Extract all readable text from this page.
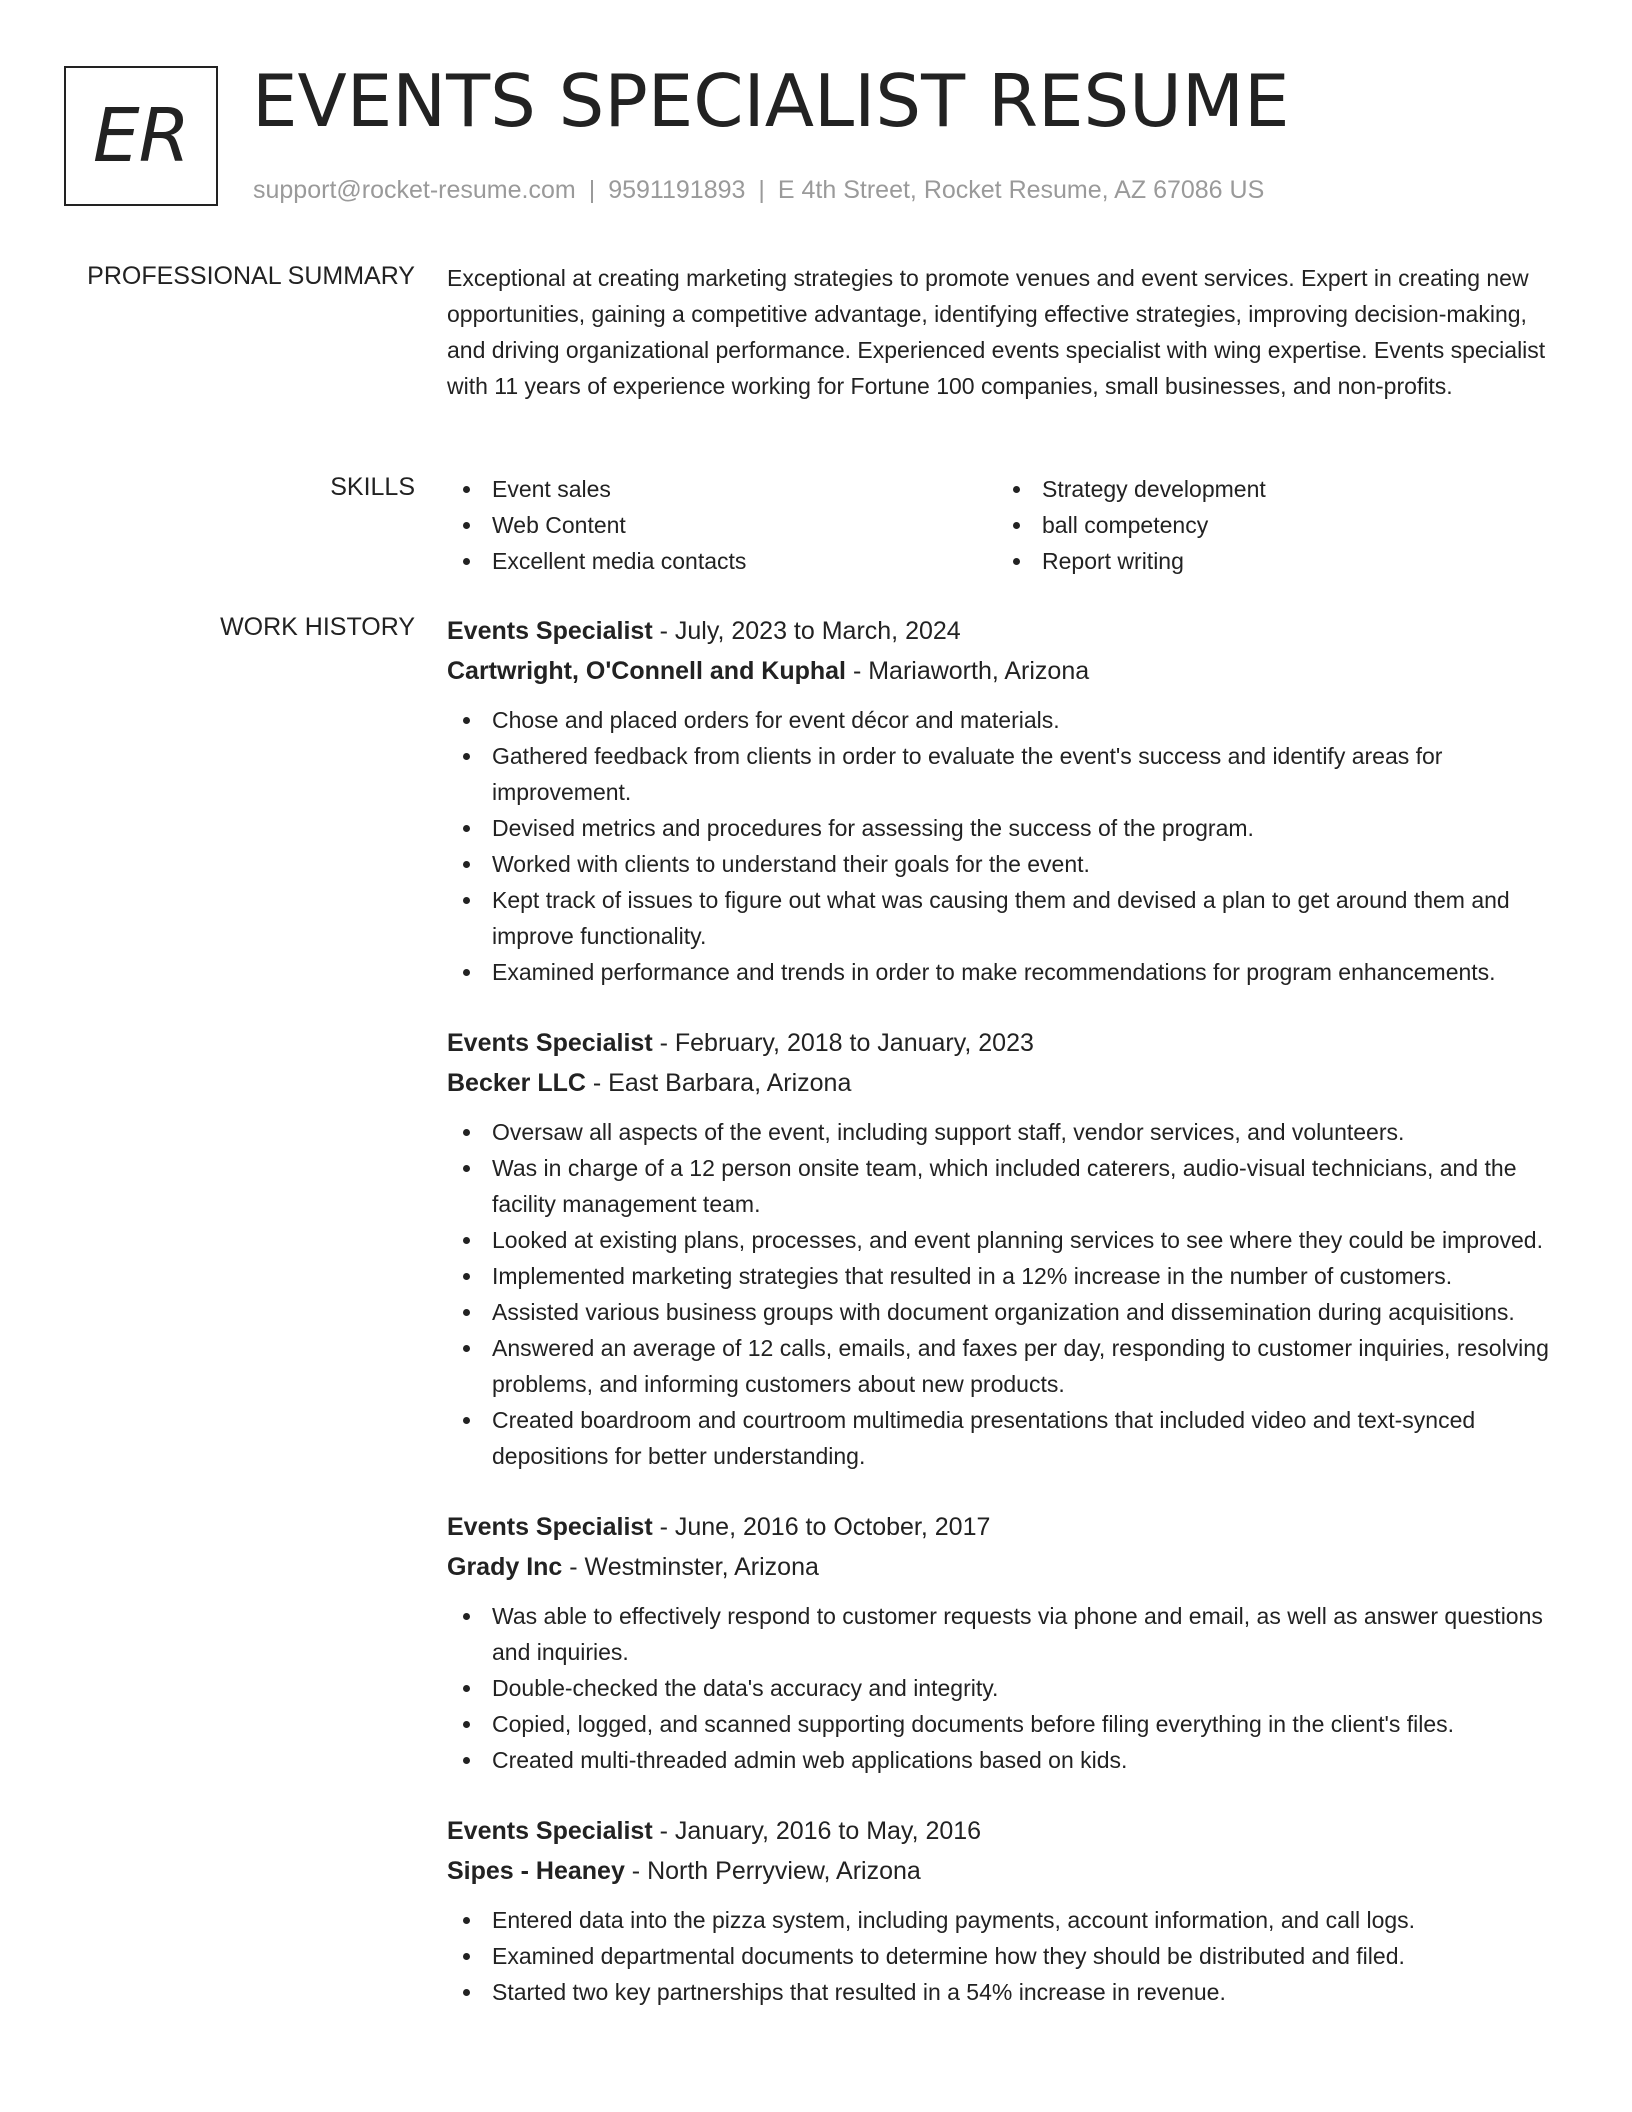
ER EVENTS SPECIALIST RESUME
support@rocket-resume.com | 9591191893 | E 4th Street, Rocket Resume, AZ 67086 US
PROFESSIONAL SUMMARY Exceptional at creating marketing strategies to promote venues and event services. Expert in creating new opportunities, gaining a competitive advantage, identifying effective strategies, improving decision-making, and driving organizational performance. Experienced events specialist with wing expertise. Events specialist with 11 years of experience working for Fortune 100 companies, small businesses, and non-profits.

SKILLS	Event sales	Strategy development
Web Content	ball competency
Excellent media contacts	Report writing
WORK HISTORY Events Specialist - July, 2023 to March, 2024
Cartwright, O'Connell and Kuphal - Mariaworth, Arizona
Chose and placed orders for event décor and materials.
Gathered feedback from clients in order to evaluate the event's success and identify areas for improvement.
Devised metrics and procedures for assessing the success of the program.
Worked with clients to understand their goals for the event.
Kept track of issues to figure out what was causing them and devised a plan to get around them and improve functionality.
Examined performance and trends in order to make recommendations for program enhancements.
Events Specialist - February, 2018 to January, 2023
Becker LLC - East Barbara, Arizona
Oversaw all aspects of the event, including support staff, vendor services, and volunteers.
Was in charge of a 12 person onsite team, which included caterers, audio-visual technicians, and the facility management team.
Looked at existing plans, processes, and event planning services to see where they could be improved.
Implemented marketing strategies that resulted in a 12% increase in the number of customers.
Assisted various business groups with document organization and dissemination during acquisitions.
Answered an average of 12 calls, emails, and faxes per day, responding to customer inquiries, resolving problems, and informing customers about new products.
Created boardroom and courtroom multimedia presentations that included video and text-synced depositions for better understanding.
Events Specialist - June, 2016 to October, 2017
Grady Inc - Westminster, Arizona
Was able to effectively respond to customer requests via phone and email, as well as answer questions and inquiries.
Double-checked the data's accuracy and integrity.
Copied, logged, and scanned supporting documents before filing everything in the client's files.
Created multi-threaded admin web applications based on kids.
Events Specialist - January, 2016 to May, 2016
Sipes - Heaney - North Perryview, Arizona
Entered data into the pizza system, including payments, account information, and call logs.
Examined departmental documents to determine how they should be distributed and filed.
Started two key partnerships that resulted in a 54% increase in revenue.
